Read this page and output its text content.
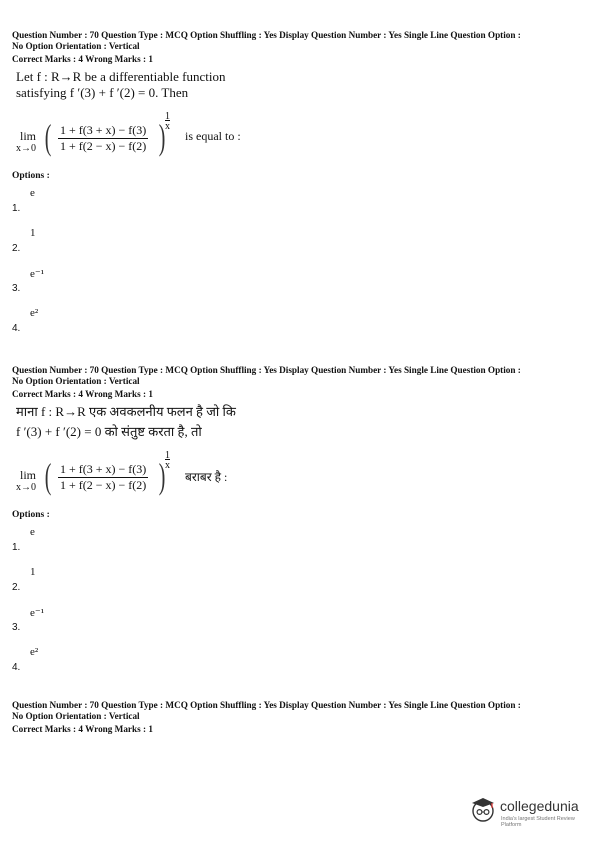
Question Number : 70 Question Type : MCQ Option Shuffling : Yes Display Question Number : Yes Single Line Question Option :
No Option Orientation : Vertical
Correct Marks : 4 Wrong Marks : 1
Let f : R→R be a differentiable function
satisfying f ′(3) + f ′(2) = 0. Then
lim
x→0 ( 1 + f(3 + x) − f(3)
1 + f(2 − x) − f(2) ) $\frac{1}{x}$
is equal to :
Options :
e
1.
1
2.
e⁻¹
3.
e²
4.
Question Number : 70 Question Type : MCQ Option Shuffling : Yes Display Question Number : Yes Single Line Question Option :
No Option Orientation : Vertical
Correct Marks : 4 Wrong Marks : 1
माना f : R→R एक अवकलनीय फलन है जो कि
f ′(3) + f ′(2) = 0 को संतुष्ट करता है, तो
lim
x→0 ( 1 + f(3 + x) − f(3)
1 + f(2 − x) − f(2) ) $\frac{1}{x}$
बराबर है :
Options :
e
1.
1
2.
e⁻¹
3.
e²
4.
Question Number : 70 Question Type : MCQ Option Shuffling : Yes Display Question Number : Yes Single Line Question Option :
No Option Orientation : Vertical
Correct Marks : 4 Wrong Marks : 1
collegedunia
India's largest Student Review Platform
